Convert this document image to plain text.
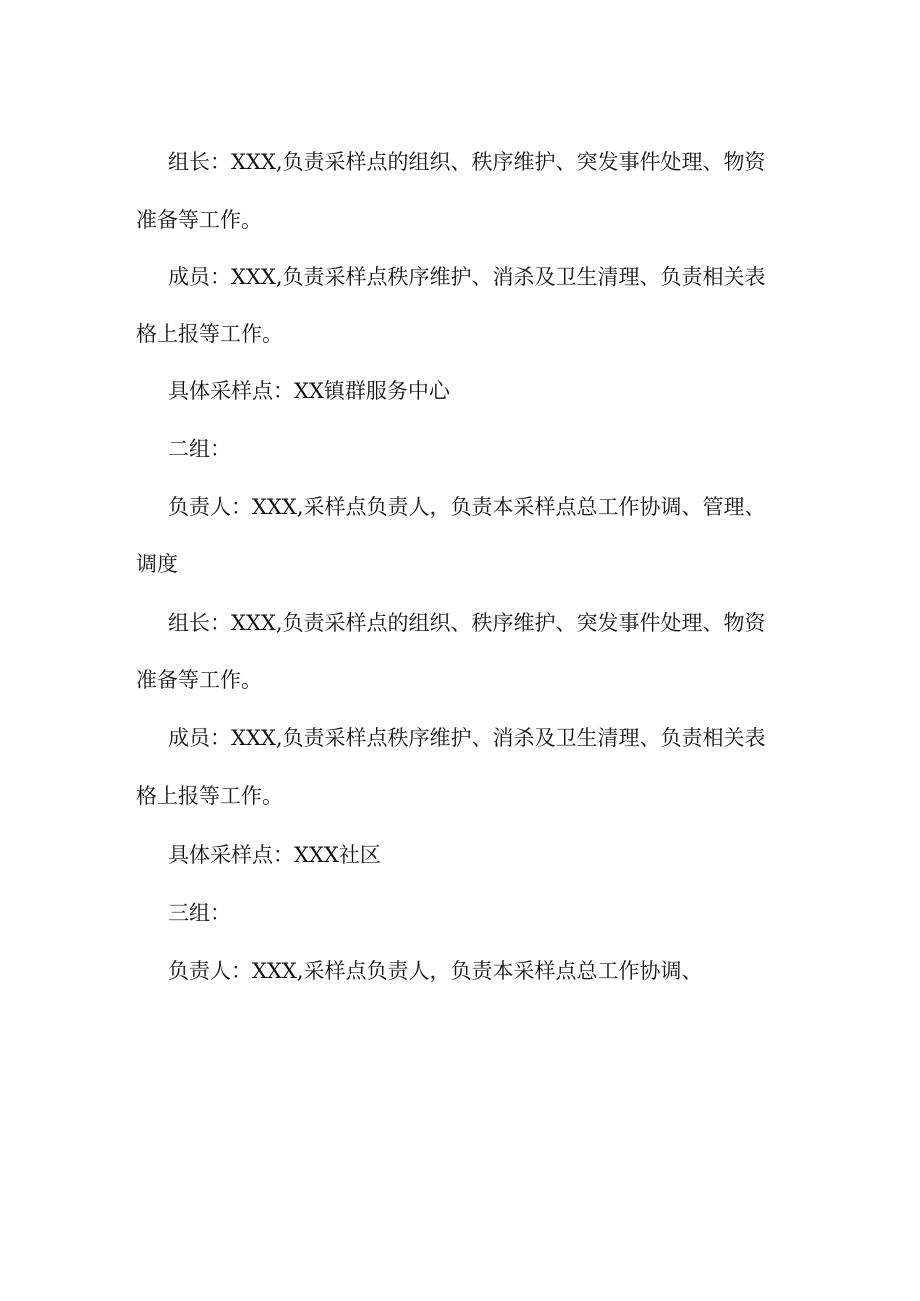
组长：XXX,负责采样点的组织、秩序维护、突发事件处理、物资
准备等工作。
成员：XXX,负责采样点秩序维护、消杀及卫生清理、负责相关表
格上报等工作。
具体采样点：XX镇群服务中心
二组：
负责人：XXX,采样点负责人，负责本采样点总工作协调、管理、
调度
组长：XXX,负责采样点的组织、秩序维护、突发事件处理、物资
准备等工作。
成员：XXX,负责采样点秩序维护、消杀及卫生清理、负责相关表
格上报等工作。
具体采样点：XXX社区
三组：
负责人：XXX,采样点负责人，负责本采样点总工作协调、
